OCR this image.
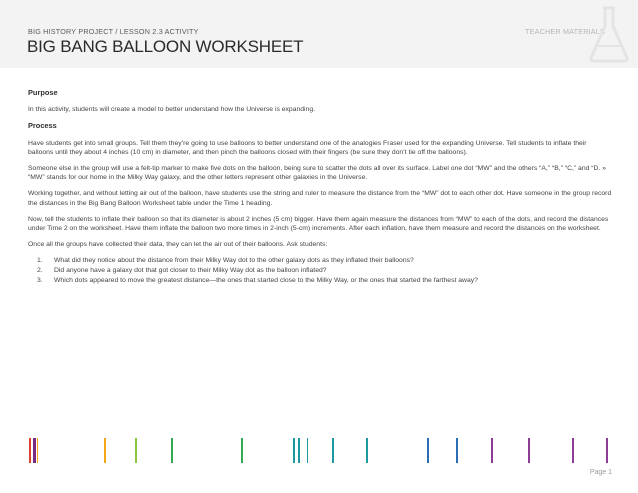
BIG HISTORY PROJECT / LESSON 2.3 ACTIVITY
BIG BANG BALLOON WORKSHEET
TEACHER MATERIALS
Purpose

In this activity, students will create a model to better understand how the Universe is expanding.

Process

Have students get into small groups. Tell them they’re going to use balloons to better understand one of the analogies Fraser used for the expanding Universe. Tell students to inflate their balloons until they about 4 inches (10 cm) in diameter, and then pinch the balloons closed with their fingers (be sure they don’t tie off the balloons).

Someone else in the group will use a felt-tip marker to make five dots on the balloon, being sure to scatter the dots all over its surface. Label one dot “MW” and the others “A,” “B,” “C,” and “D. » “MW” stands for our home in the Milky Way galaxy, and the other letters represent other galaxies in the Universe.

Working together, and without letting air out of the balloon, have students use the string and ruler to measure the distance from the “MW” dot to each other dot. Have someone in the group record the distances in the Big Bang Balloon Worksheet table under the Time 1 heading.

Now, tell the students to inflate their balloon so that its diameter is about 2 inches (5 cm) bigger. Have them again measure the distances from “MW” to each of the dots, and record the distances under Time 2 on the worksheet. Have them inflate the balloon two more times in 2-inch (5-cm) increments. After each inflation, have them measure and record the distances on the worksheet.

Once all the groups have collected their data, they can let the air out of their balloons. Ask students:

1. What did they notice about the distance from their Milky Way dot to the other galaxy dots as they inflated their balloons?
2. Did anyone have a galaxy dot that got closer to their Milky Way dot as the balloon inflated?
3. Which dots appeared to move the greatest distance—the ones that started close to the Milky Way, or the ones that started the farthest away?
Page 1
